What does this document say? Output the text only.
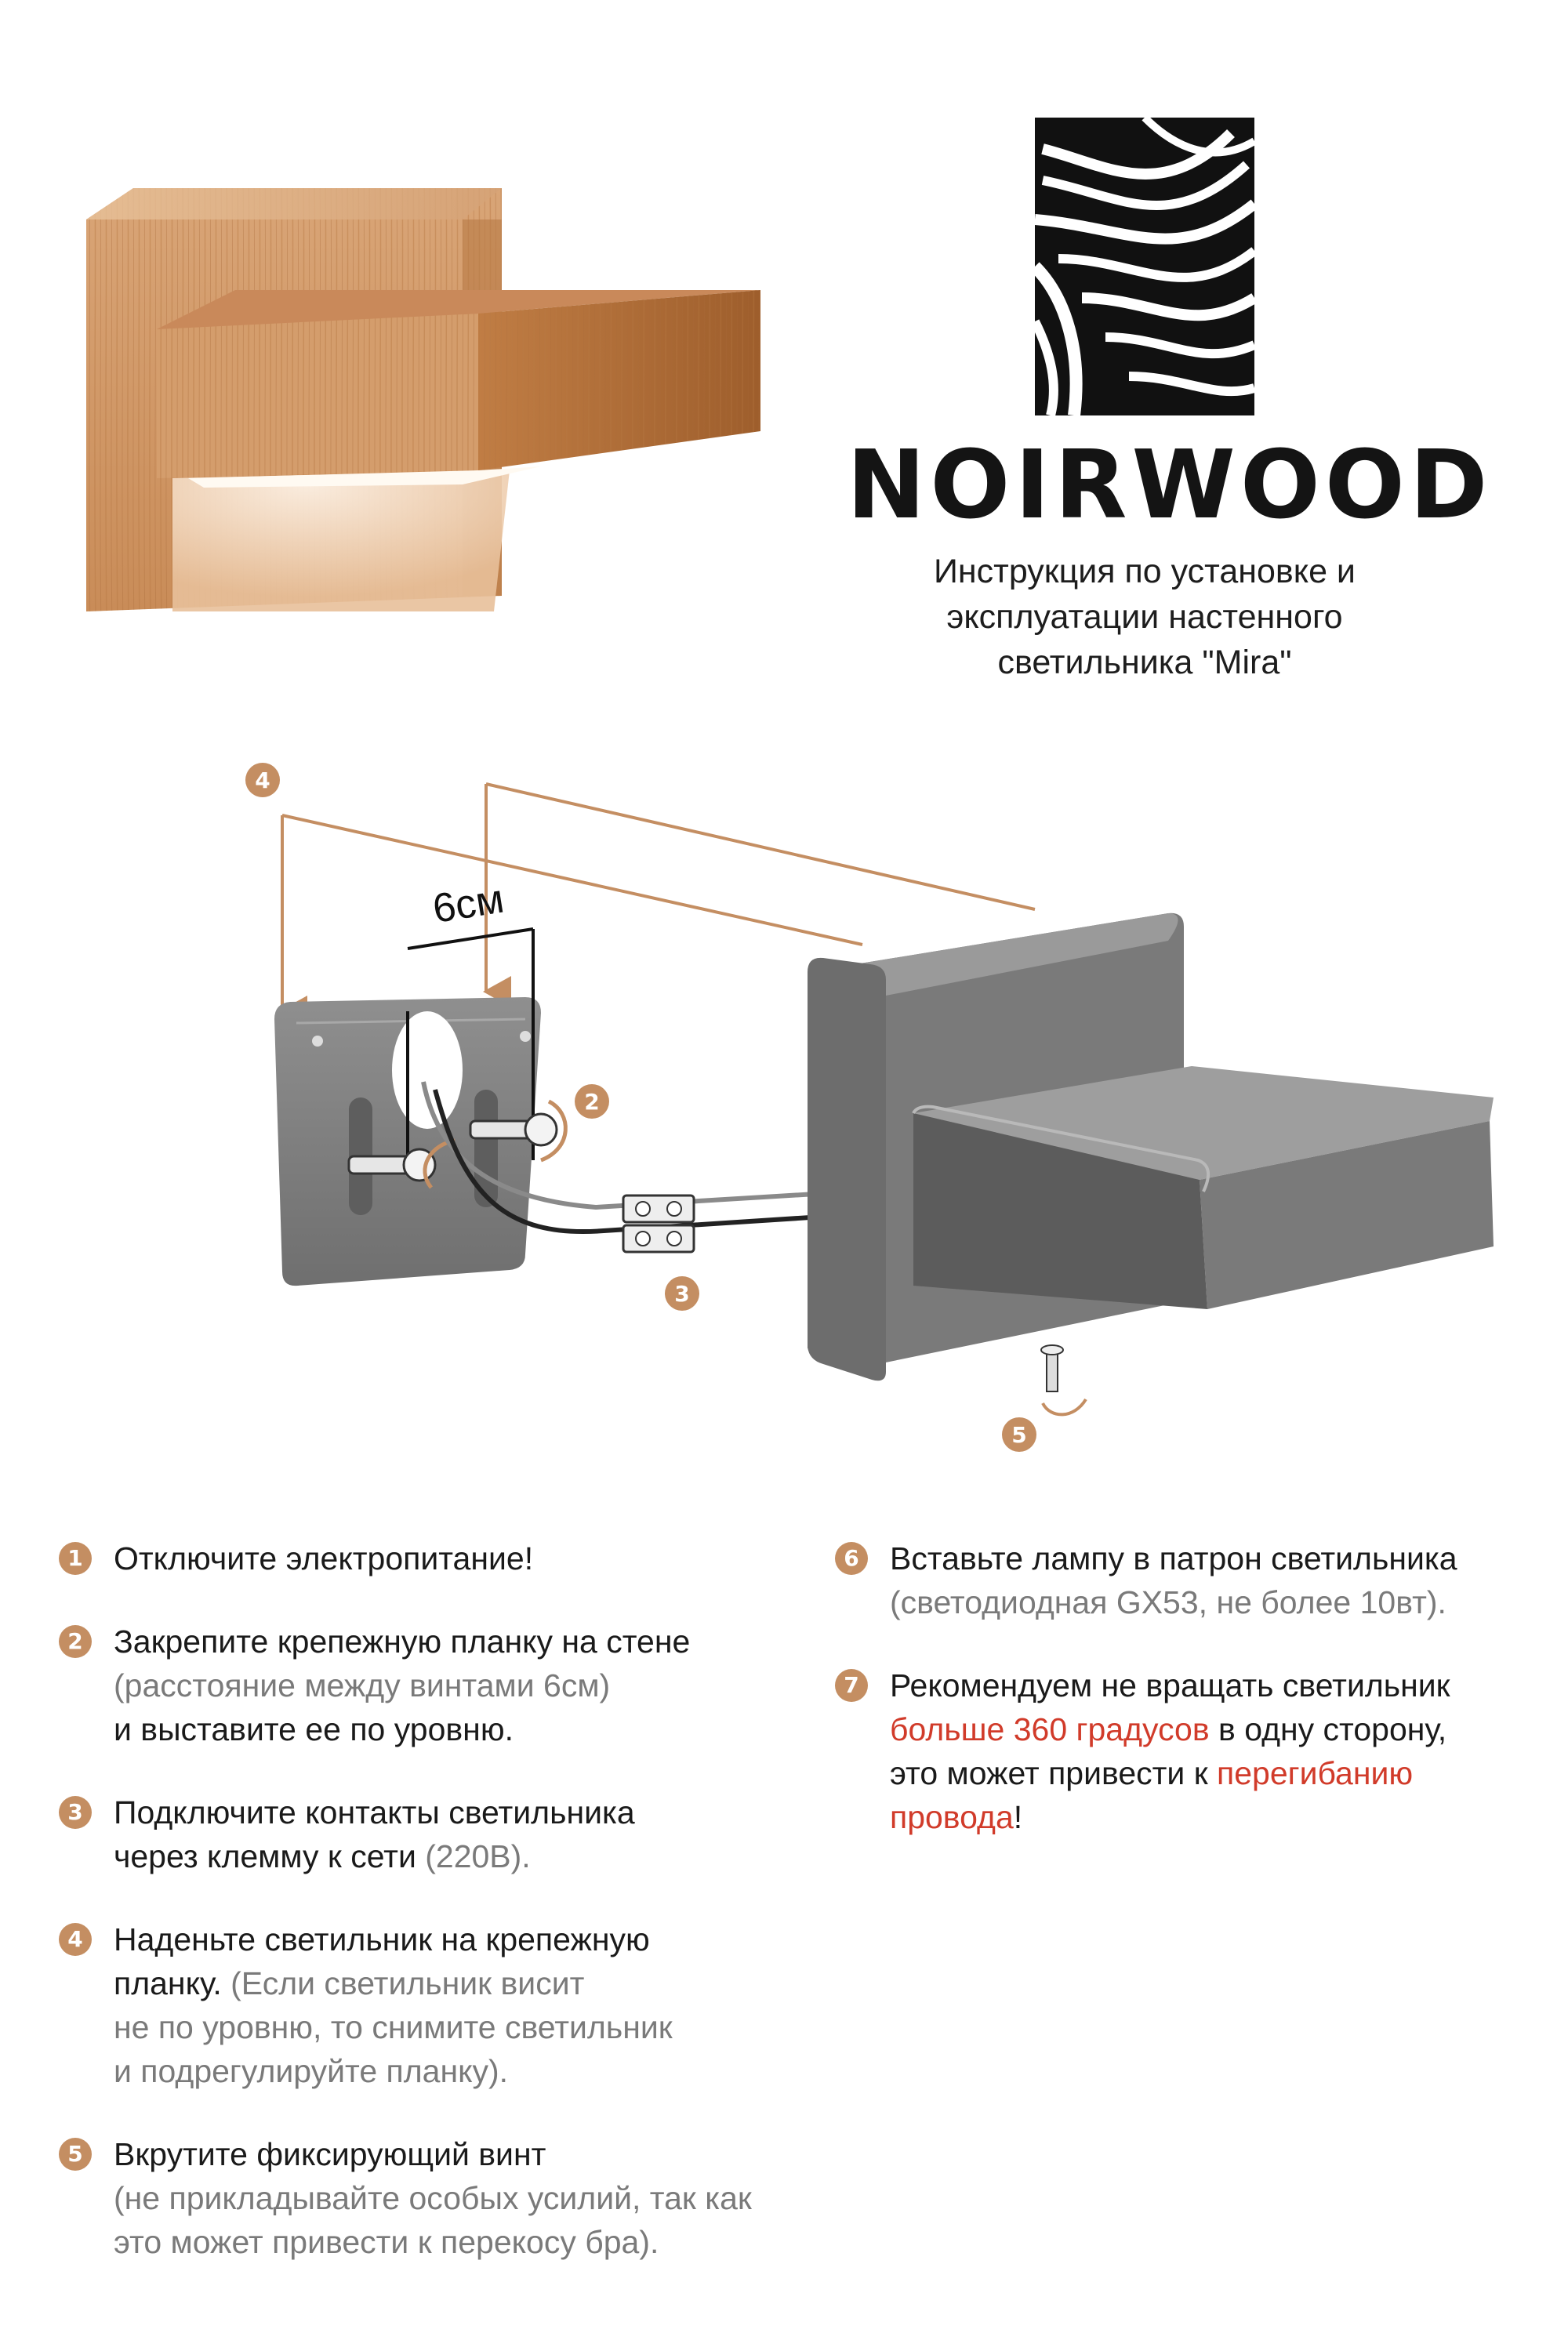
NOIRWOOD
Инструкция по установке и
эксплуатации настенного
светильника "Mira"
4
6см
2
3
5
1 Отключите электропитание!
2 Закрепите крепежную планку на стене
(расстояние между винтами 6см)
и выставите ее по уровню.
3 Подключите контакты светильника
через клемму к сети (220В).
4 Наденьте светильник на крепежную
планку. (Если светильник висит
не по уровню, то снимите светильник
и подрегулируйте планку).
5 Вкрутите фиксирующий винт
(не прикладывайте особых усилий, так как
это может привести к перекосу бра).
6 Вставьте лампу в патрон светильника
(светодиодная GX53, не более 10вт).
7 Рекомендуем не вращать светильник
больше 360 градусов в одну сторону,
это может привести к перегибанию
провода!
